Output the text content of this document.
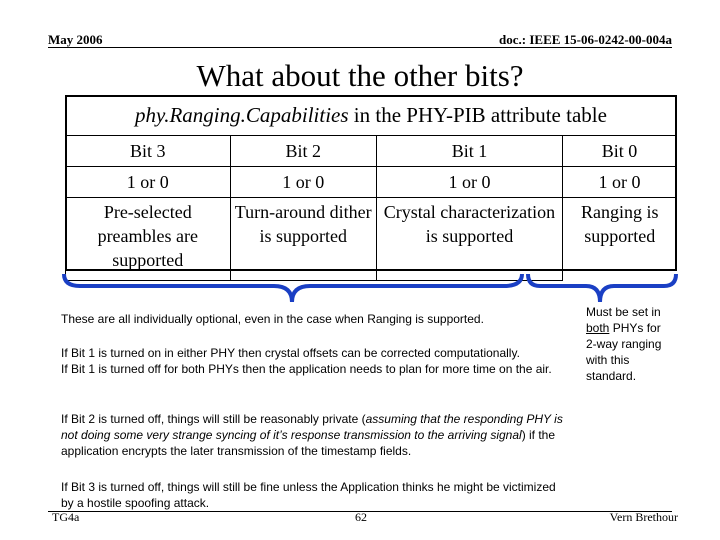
May 2006	doc.: IEEE 15-06-0242-00-004a
What about the other bits?
phy.Ranging.Capabilities in the PHY-PIB attribute table
Bit 3	Bit 2	Bit 1	Bit 0
1 or 0	1 or 0	1 or 0	1 or 0
Pre-selected preambles are supported	Turn-around dither is supported	Crystal characterization is supported	Ranging is supported
Must be set in
both PHYs for
2-way ranging
with this
standard.
These are all individually optional, even in the case when Ranging is supported.
If Bit 1 is turned on in either PHY then crystal offsets can be corrected computationally.
If Bit 1 is turned off for both PHYs then the application needs to plan for more time on the air.
If Bit 2 is turned off, things will still be reasonably private (assuming that the responding PHY is not doing some very strange syncing of it’s response transmission to the arriving signal) if the application encrypts the later transmission of the timestamp fields.
If Bit 3 is turned off, things will still be fine unless the Application thinks he might be victimized by a hostile spoofing attack.
TG4a	62	Vern Brethour
